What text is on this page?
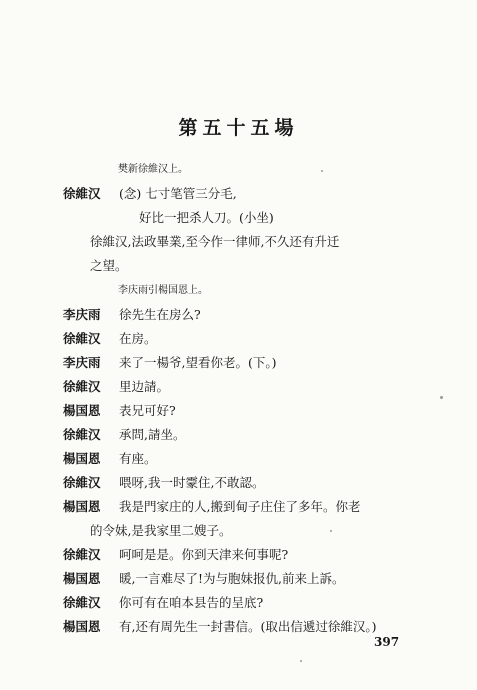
第五十五場
樊新徐維汉上。
徐維汉 (念) 七寸笔管三分毛,
好比一把杀人刀。(小坐)
徐維汉,法政畢業,至今作一律师,不久还有升迁
之望。
李庆雨引楊国恩上。
李庆雨 徐先生在房么?
徐維汉 在房。
李庆雨 来了一楊爷,望看你老。(下。)
徐維汉 里边請。
楊国恩 表兄可好?
徐維汉 承問,請坐。
楊国恩 有座。
徐維汉 喂呀,我一时霥住,不敢認。
楊国恩 我是門家庄的人,搬到甸子庄住了多年。你老
的令妹,是我家里二嫂子。
徐維汉 呵呵是是。你到天津来何事呢?
楊国恩 暖,一言难尽了!为与胞妹报仇,前来上訴。
徐維汉 你可有在咱本县告的呈底?
楊国恩 有,还有周先生一封書信。(取出信遞过徐維汉。)
397
